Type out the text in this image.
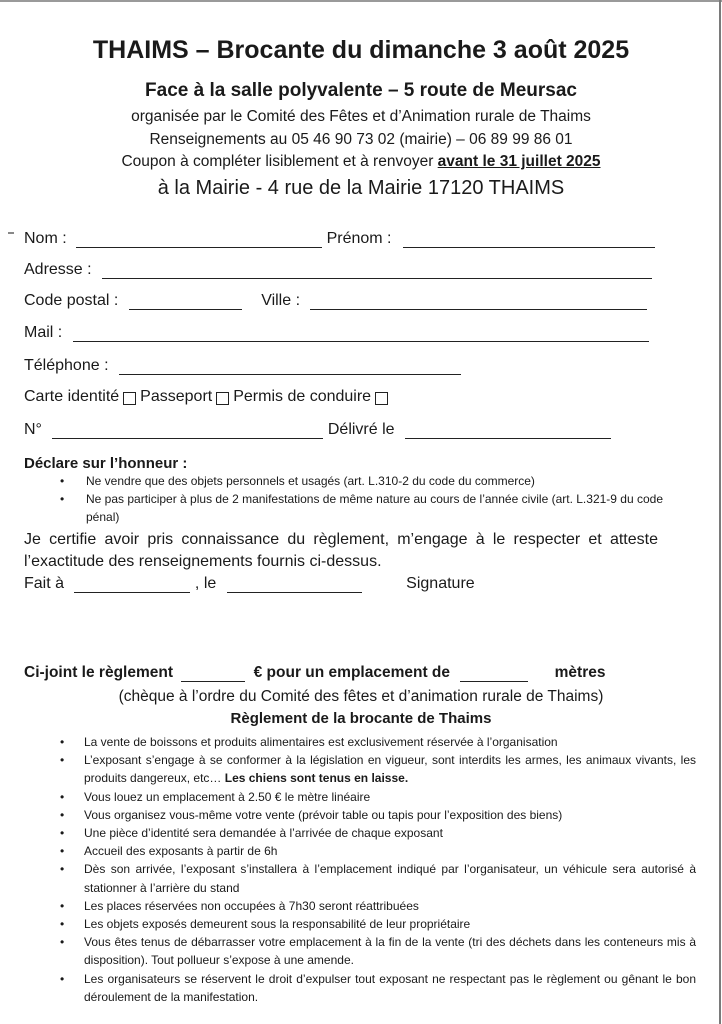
THAIMS – Brocante du dimanche 3 août 2025
Face à la salle polyvalente – 5 route de Meursac
organisée par le Comité des Fêtes et d’Animation rurale de Thaims
Renseignements au 05 46 90 73 02 (mairie) – 06 89 99 86 01
Coupon à compléter lisiblement et à renvoyer avant le 31 juillet 2025
à la Mairie - 4 rue de la Mairie 17120 THAIMS
Nom :	Prénom :
Adresse :
Code postal :	Ville :
Mail :
Téléphone :
Carte identité Passeport Permis de conduire
N°	Délivré le
Déclare sur l’honneur :
• Ne vendre que des objets personnels et usagés (art. L.310-2 du code du commerce)
• Ne pas participer à plus de 2 manifestations de même nature au cours de l’année civile (art. L.321-9 du code pénal)
Je certifie avoir pris connaissance du règlement, m’engage à le respecter et atteste l’exactitude des renseignements fournis ci-dessus.
Fait à	, le	Signature
Ci-joint le règlement	€ pour un emplacement de	mètres
(chèque à l’ordre du Comité des fêtes et d’animation rurale de Thaims)
Règlement de la brocante de Thaims
• La vente de boissons et produits alimentaires est exclusivement réservée à l’organisation
• L’exposant s’engage à se conformer à la législation en vigueur, sont interdits les armes, les animaux vivants, les produits dangereux, etc… Les chiens sont tenus en laisse.
• Vous louez un emplacement à 2.50 € le mètre linéaire
• Vous organisez vous-même votre vente (prévoir table ou tapis pour l’exposition des biens)
• Une pièce d’identité sera demandée à l’arrivée de chaque exposant
• Accueil des exposants à partir de 6h
• Dès son arrivée, l’exposant s’installera à l’emplacement indiqué par l’organisateur, un véhicule sera autorisé à stationner à l’arrière du stand
• Les places réservées non occupées à 7h30 seront réattribuées
• Les objets exposés demeurent sous la responsabilité de leur propriétaire
• Vous êtes tenus de débarrasser votre emplacement à la fin de la vente (tri des déchets dans les conteneurs mis à disposition). Tout pollueur s’expose à une amende.
• Les organisateurs se réservent le droit d’expulser tout exposant ne respectant pas le règlement ou gênant le bon déroulement de la manifestation.
